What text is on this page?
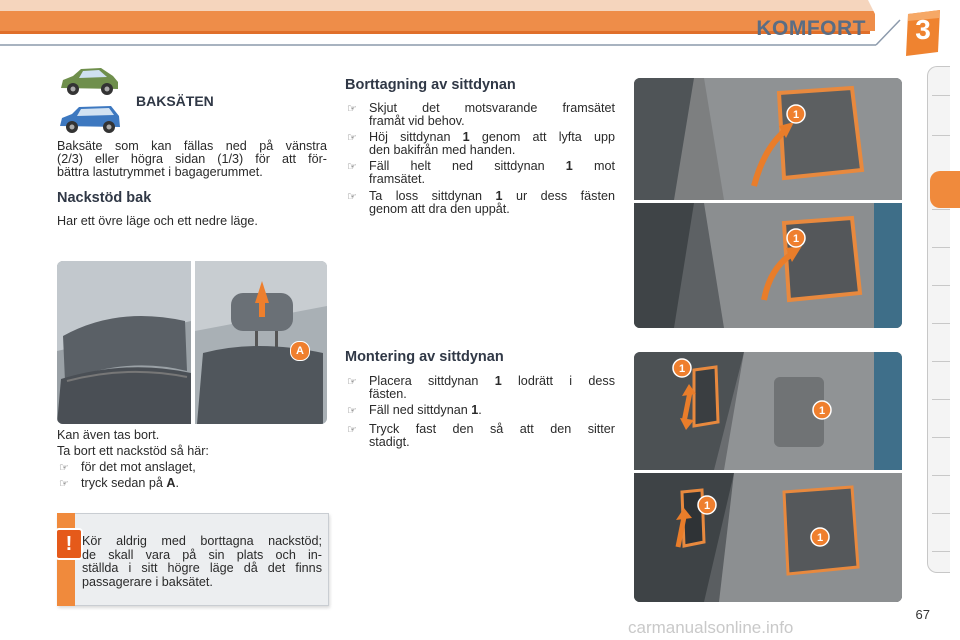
KOMFORT	3
BAKSÄTEN
Baksäte som kan fällas ned på vänstra
(2/3) eller högra sidan (1/3) för att för-
bättra lastutrymmet i bagagerummet.
Nackstöd bak
Har ett övre läge och ett nedre läge.
A
Kan även tas bort.
Ta bort ett nackstöd så här:
☞ för det mot anslaget,
☞ tryck sedan på A.
! Kör aldrig med borttagna nackstöd;
de skall vara på sin plats och in-
ställda i sitt högre läge då det finns
passagerare i baksätet.
Borttagning av sittdynan
☞ Skjut det motsvarande framsätet
framåt vid behov.
☞ Höj sittdynan 1 genom att lyfta upp
den bakifrån med handen.
☞ Fäll helt ned sittdynan 1 mot
framsätet.
☞ Ta loss sittdynan 1 ur dess fästen
genom att dra den uppåt.
Montering av sittdynan
☞ Placera sittdynan 1 lodrätt i dess
fästen.
☞ Fäll ned sittdynan 1.
☞ Tryck fast den så att den sitter
stadigt.
1
1
1
1
1
1
67
carmanualsonline.info
